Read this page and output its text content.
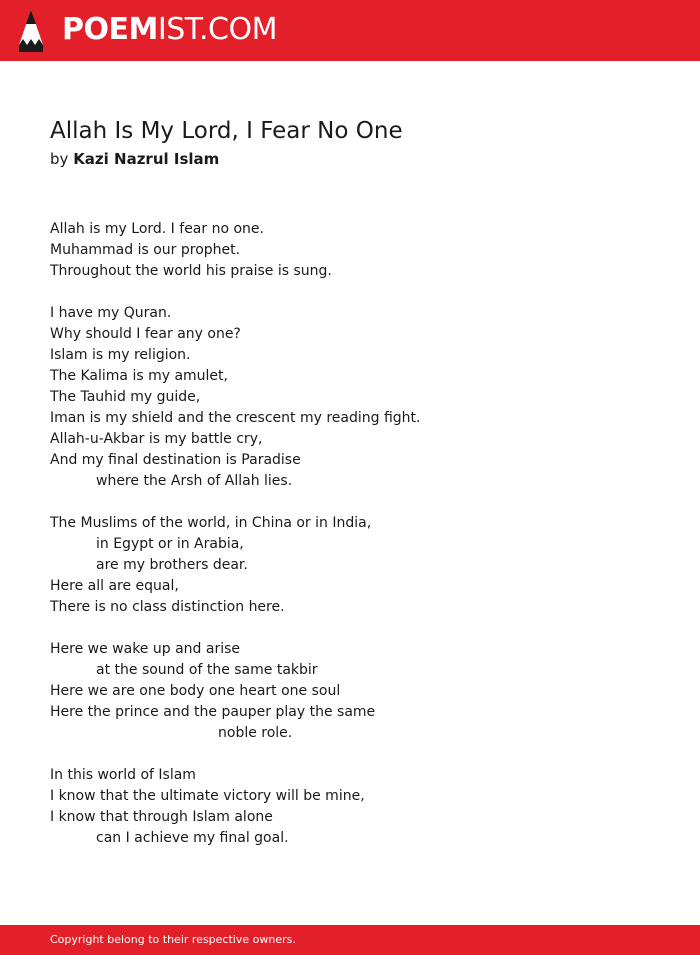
POEMIST.COM
Allah Is My Lord, I Fear No One
by Kazi Nazrul Islam
Allah is my Lord. I fear no one.
Muhammad is our prophet.
Throughout the world his praise is sung.
I have my Quran.
Why should I fear any one?
Islam is my religion.
The Kalima is my amulet,
The Tauhid my guide,
Iman is my shield and the crescent my reading fight.
Allah-u-Akbar is my battle cry,
And my final destination is Paradise
where the Arsh of Allah lies.
The Muslims of the world, in China or in India,
in Egypt or in Arabia,
are my brothers dear.
Here all are equal,
There is no class distinction here.
Here we wake up and arise
at the sound of the same takbir
Here we are one body one heart one soul
Here the prince and the pauper play the same
noble role.
In this world of Islam
I know that the ultimate victory will be mine,
I know that through Islam alone
can I achieve my final goal.
Copyright belong to their respective owners.
